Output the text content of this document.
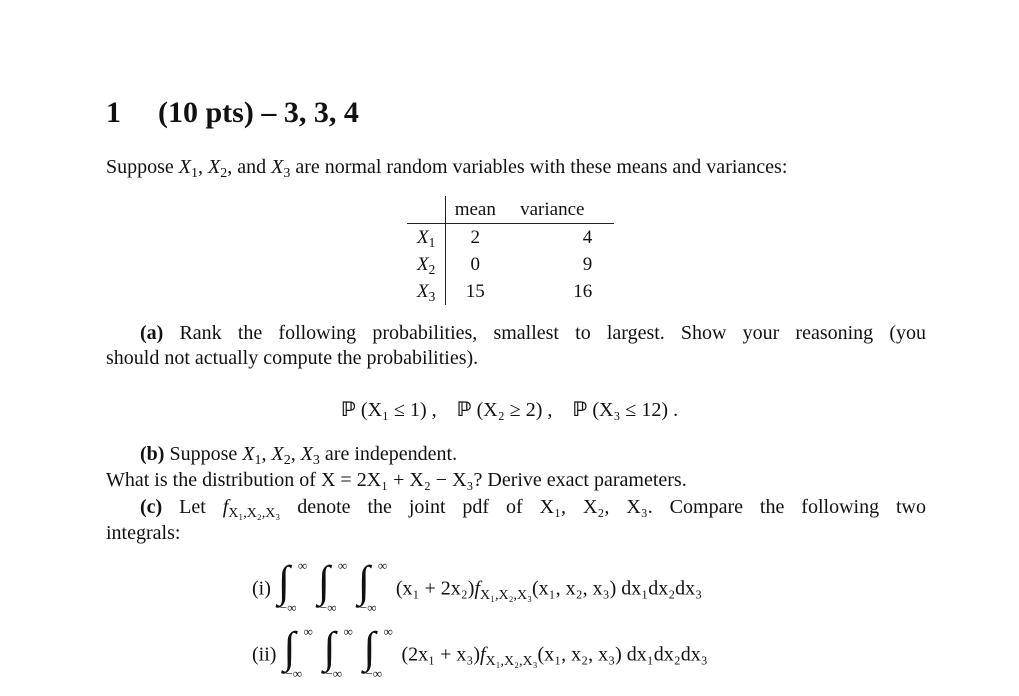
1 (10 pts) – 3, 3, 4
Suppose $X_1$, $X_2$, and $X_3$ are normal random variables with these means and variances:
	mean	variance
$X_1$	2	4
$X_2$	0	9
$X_3$	15	16
(a) Rank the following probabilities, smallest to largest. Show your reasoning (you
should not actually compute the probabilities).
ℙ (X₁ ≤ 1) , ℙ (X₂ ≥ 2) , ℙ (X₃ ≤ 12) .
(b) Suppose $X_1$, $X_2$, $X_3$ are independent.
What is the distribution of X = 2X₁ + X₂ − X₃? Derive exact parameters.
(c) Let $f_{X_1,X_2,X_3}$ denote the joint pdf of X₁, X₂, X₃. Compare the following two
integrals:
(i) ∫ ∞
−∞
∫ ∞
−∞
∫ ∞
−∞
$(x_1 + 2x_2)f_{X_1,X_2,X_3}(x_1$, x₂, x₃) dx₁dx₂dx₃
(ii) ∫ ∞
−∞
∫ ∞
−∞
∫ ∞
−∞
$(2x_1 + x_3)f_{X_1,X_2,X_3}(x_1$, x₂, x₃) dx₁dx₂dx₃
